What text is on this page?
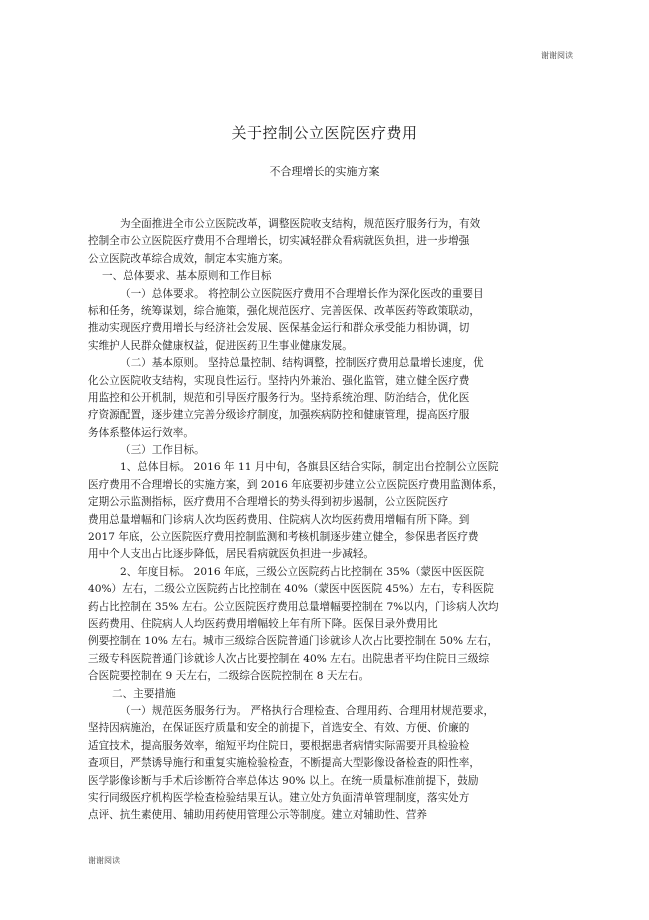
谢谢阅读
关于控制公立医院医疗费用
不合理增长的实施方案
为全面推进全市公立医院改革，调整医院收支结构，规范医疗服务行为，有效
控制全市公立医院医疗费用不合理增长，切实减轻群众看病就医负担，进一步增强
公立医院改革综合成效，制定本实施方案。
一、总体要求、基本原则和工作目标
（一）总体要求。 将控制公立医院医疗费用不合理增长作为深化医改的重要目
标和任务，统筹谋划，综合施策，强化规范医疗、完善医保、改革医药等政策联动，
推动实现医疗费用增长与经济社会发展、医保基金运行和群众承受能力相协调，切
实维护人民群众健康权益，促进医药卫生事业健康发展。
（二）基本原则。 坚持总量控制、结构调整，控制医疗费用总量增长速度，优
化公立医院收支结构，实现良性运行。坚持内外兼治、强化监管，建立健全医疗费
用监控和公开机制，规范和引导医疗服务行为。坚持系统治理、防治结合，优化医
疗资源配置，逐步建立完善分级诊疗制度，加强疾病防控和健康管理，提高医疗服
务体系整体运行效率。
（三）工作目标。
1、总体目标。 2016 年 11 月中旬，各旗县区结合实际，制定出台控制公立医院
医疗费用不合理增长的实施方案，到 2016 年底要初步建立公立医院医疗费用监测体系，
定期公示监测指标，医疗费用不合理增长的势头得到初步遏制，公立医院医疗
费用总量增幅和门诊病人次均医药费用、住院病人次均医药费用增幅有所下降。到
2017 年底，公立医院医疗费用控制监测和考核机制逐步建立健全，参保患者医疗费
用中个人支出占比逐步降低，居民看病就医负担进一步减轻。
2、年度目标。 2016 年底，三级公立医院药占比控制在 35%（蒙医中医医院
40%）左右，二级公立医院药占比控制在 40%（蒙医中医医院 45%）左右，专科医院
药占比控制在 35% 左右。公立医院医疗费用总量增幅要控制在 7%以内，门诊病人次均
医药费用、住院病人人均医药费用增幅较上年有所下降。医保目录外费用比
例要控制在 10% 左右。城市三级综合医院普通门诊就诊人次占比要控制在 50% 左右，
三级专科医院普通门诊就诊人次占比要控制在 40% 左右。出院患者平均住院日三级综
合医院要控制在 9 天左右，二级综合医院控制在 8 天左右。
二、主要措施
（一）规范医务服务行为。 严格执行合理检查、合理用药、合理用材规范要求，
坚持因病施治，在保证医疗质量和安全的前提下，首选安全、有效、方便、价廉的
适宜技术，提高服务效率，缩短平均住院日，要根据患者病情实际需要开具检验检
查项目，严禁诱导施行和重复实施检验检查，不断提高大型影像设备检查的阳性率，
医学影像诊断与手术后诊断符合率总体达 90% 以上。在统一质量标准前提下，鼓励
实行同级医疗机构医学检查检验结果互认。建立处方负面清单管理制度，落实处方
点评、抗生素使用、辅助用药使用管理公示等制度。建立对辅助性、营养
谢谢阅读
